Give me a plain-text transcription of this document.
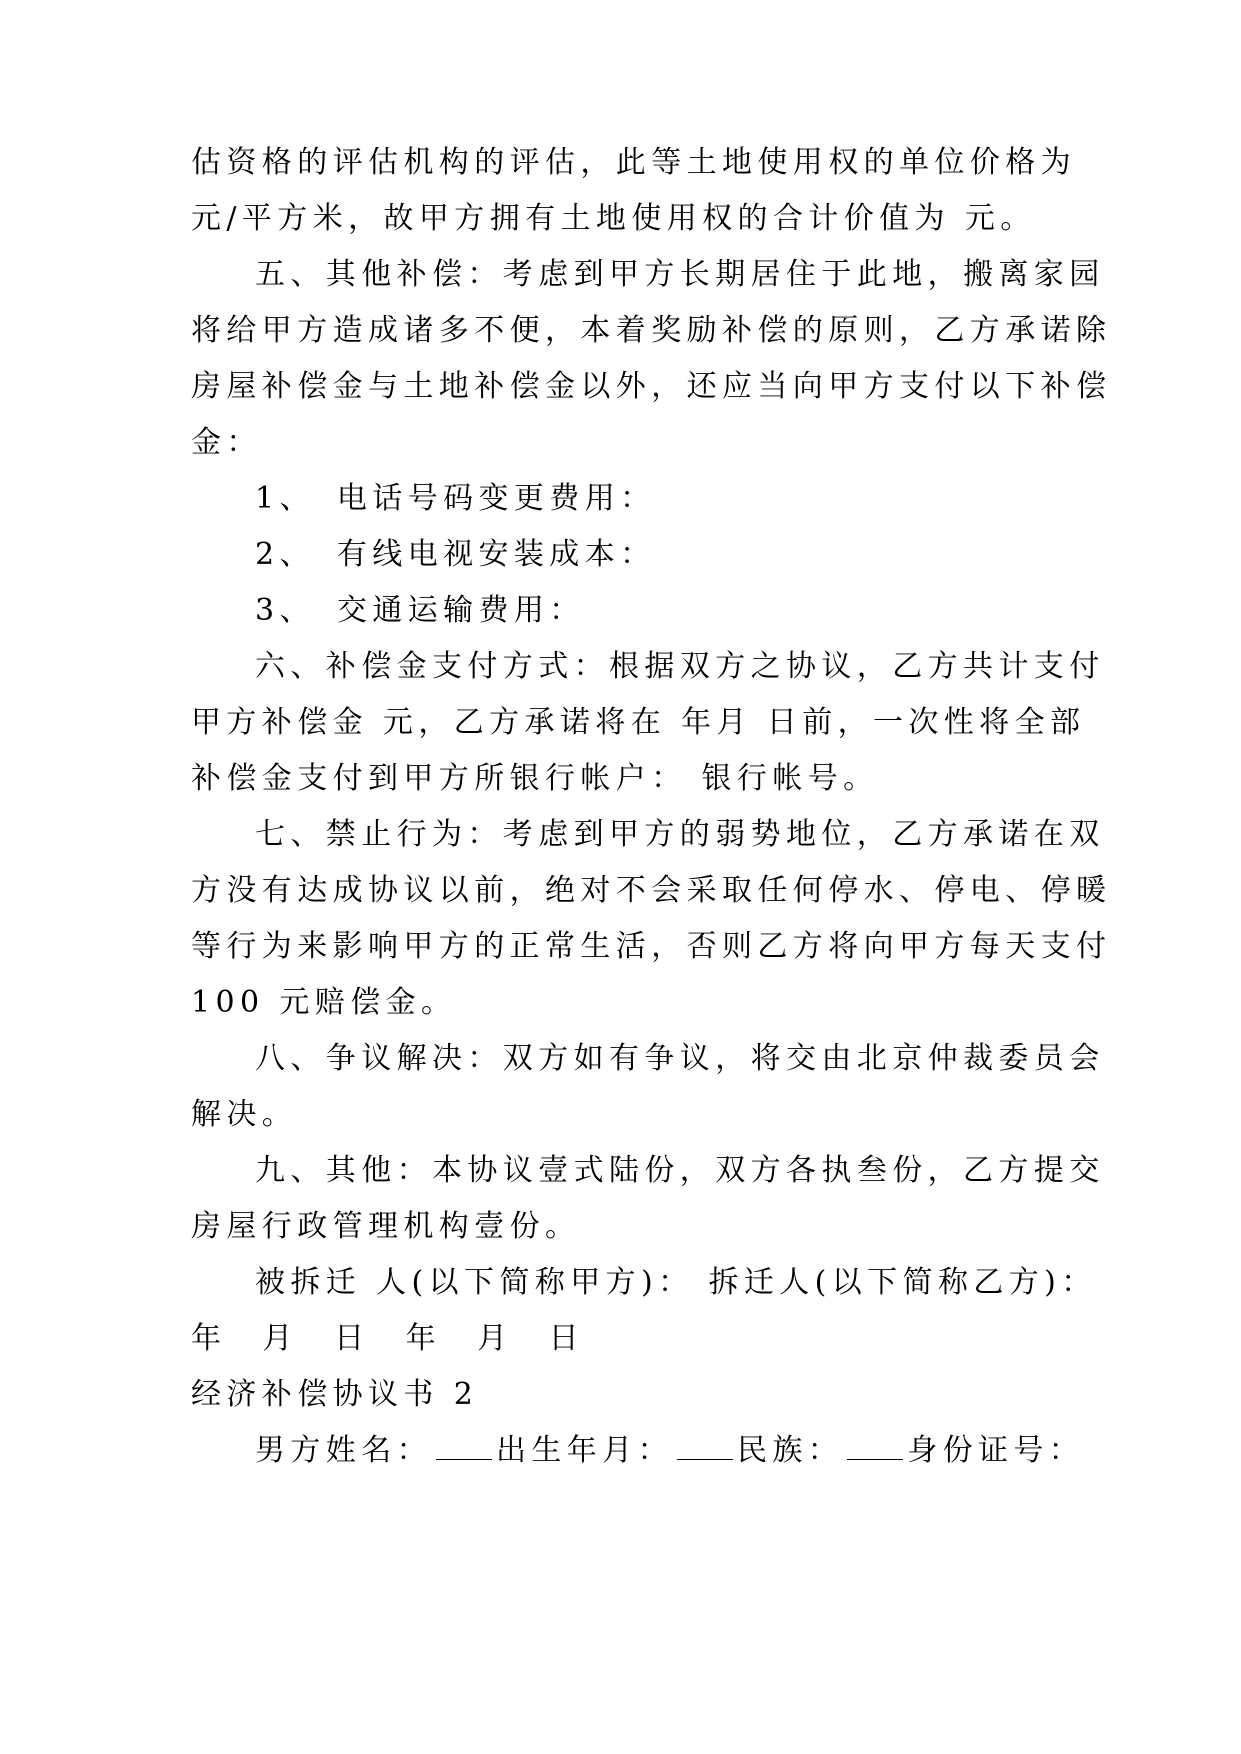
估资格的评估机构的评估，此等土地使用权的单位价格为
元/平方米，故甲方拥有土地使用权的合计价值为 元。
五、其他补偿：考虑到甲方长期居住于此地，搬离家园
将给甲方造成诸多不便，本着奖励补偿的原则，乙方承诺除
房屋补偿金与土地补偿金以外，还应当向甲方支付以下补偿
金：
1、 电话号码变更费用：
2、 有线电视安装成本：
3、 交通运输费用：
六、补偿金支付方式：根据双方之协议，乙方共计支付
甲方补偿金 元，乙方承诺将在 年月 日前，一次性将全部
补偿金支付到甲方所银行帐户： 银行帐号。
七、禁止行为：考虑到甲方的弱势地位，乙方承诺在双
方没有达成协议以前，绝对不会采取任何停水、停电、停暖
等行为来影响甲方的正常生活，否则乙方将向甲方每天支付
100 元赔偿金。
八、争议解决：双方如有争议，将交由北京仲裁委员会
解决。
九、其他：本协议壹式陆份，双方各执叁份，乙方提交
房屋行政管理机构壹份。
被拆迁 人(以下简称甲方)： 拆迁人(以下简称乙方)：
年 月 日 年 月 日
经济补偿协议书 2
男方姓名： 出生年月： 民族： 身份证号：
